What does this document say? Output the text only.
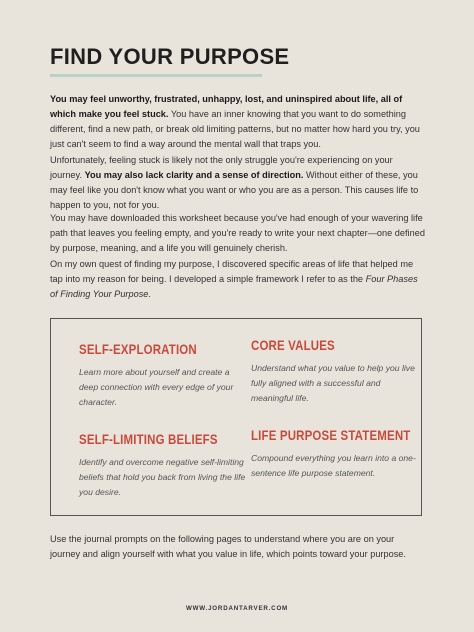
FIND YOUR PURPOSE

You may feel unworthy, frustrated, unhappy, lost, and uninspired about life, all of which make you feel stuck. You have an inner knowing that you want to do something different, find a new path, or break old limiting patterns, but no matter how hard you try, you just can't seem to find a way around the mental wall that traps you.

Unfortunately, feeling stuck is likely not the only struggle you're experiencing on your journey. You may also lack clarity and a sense of direction. Without either of these, you may feel like you don't know what you want or who you are as a person. This causes life to happen to you, not for you.

You may have downloaded this worksheet because you've had enough of your wavering life path that leaves you feeling empty, and you're ready to write your next chapter—one defined by purpose, meaning, and a life you will genuinely cherish.

On my own quest of finding my purpose, I discovered specific areas of life that helped me tap into my reason for being. I developed a simple framework I refer to as the Four Phases of Finding Your Purpose.

SELF-EXPLORATION

Learn more about yourself and create a deep connection with every edge of your character.

CORE VALUES

Understand what you value to help you live fully aligned with a successful and meaningful life.

SELF-LIMITING BELIEFS

Identify and overcome negative self-limiting beliefs that hold you back from living the life you desire.

LIFE PURPOSE STATEMENT

Compound everything you learn into a one-sentence life purpose statement.

Use the journal prompts on the following pages to understand where you are on your journey and align yourself with what you value in life, which points toward your purpose.

WWW.JORDANTARVER.COM
